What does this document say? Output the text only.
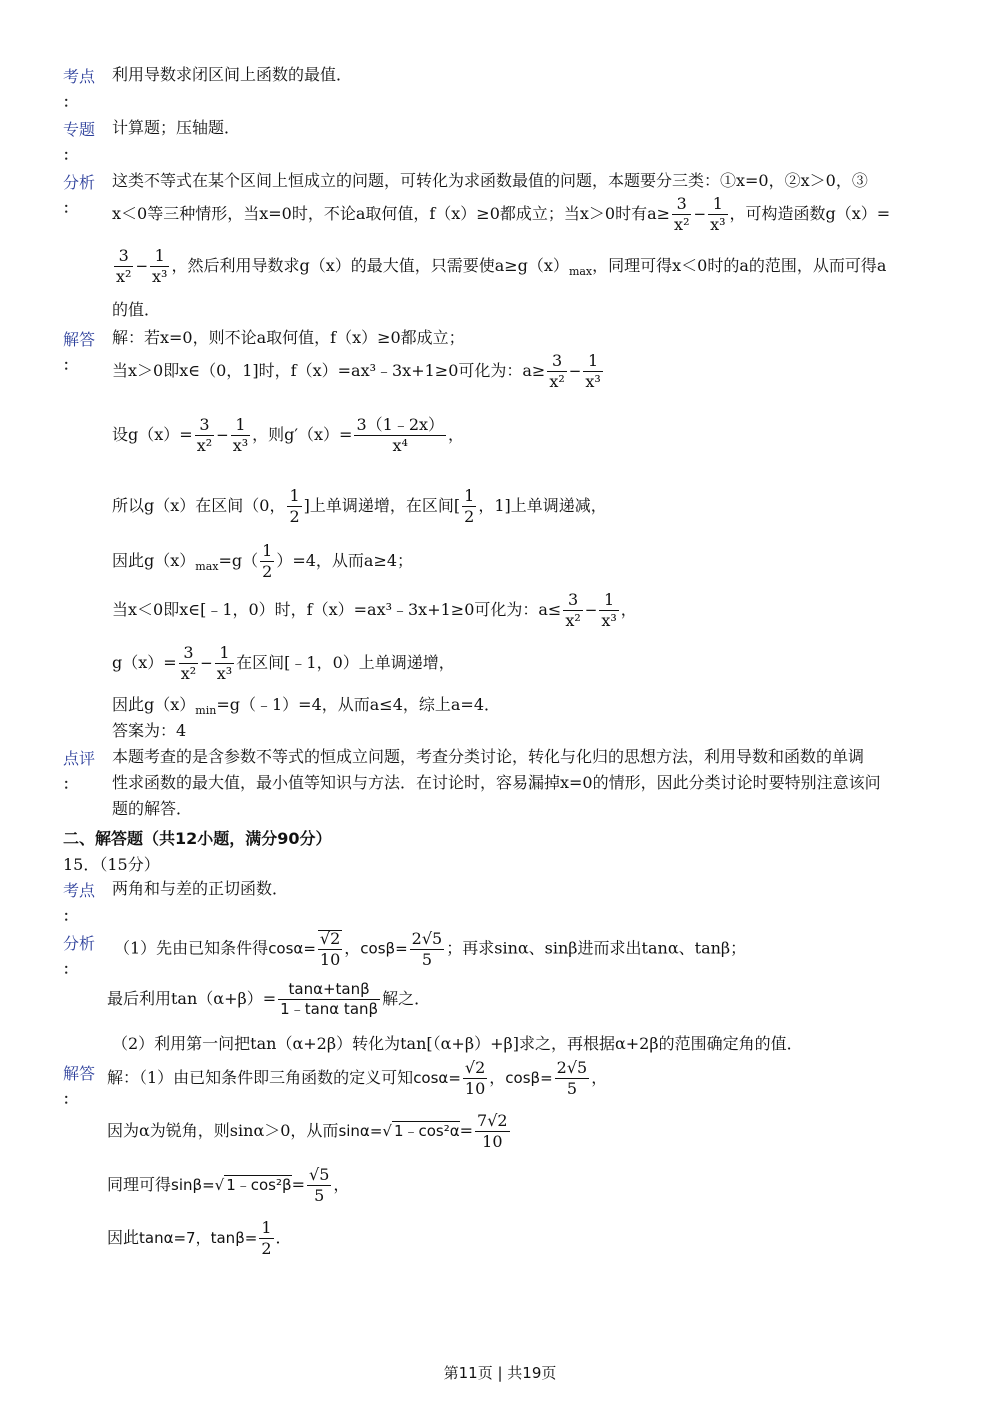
考点
：
利用导数求闭区间上函数的最值．
专题
：
计算题；压轴题．
分析
：
这类不等式在某个区间上恒成立的问题，可转化为求函数最值的问题，本题要分三类：①x=0，②x＞0，③
x＜0等三种情形，当x=0时，不论a取何值，f（x）≥0都成立；当x＞0时有$a\ge \frac{3}{\text{x²}} - \frac{1}{\text{x³}}$ ，可构造函数g（x）=
$\frac{3}{\text{x²}} - \frac{1}{\text{x³}}$ ，然后利用导数求g（x）的最大值，只需要使$a\ge g(x)_{max}$，同理可得x＜0时的a的范围，从而可得a
的值．
解答
：
解：若x=0，则不论a取何值，f（x）≥0都成立；
当x＞0即x∈（0，1]时，f（x）=ax³﹣3x+1≥0可化为：$a\ge \frac{3}{\text{x²}} - \frac{1}{\text{x³}}$
设$g(x)= \frac{3}{\text{x²}} - \frac{1}{\text{x³}}$ ，则$g'(x)= \frac{3(1﹣2x)}{\text{x⁴}}$ ，
所以g（x）在区间（0， $\frac{1}{2}$ ]上单调递增，在区间[ $\frac{1}{2}$ ，1]上单调递减，
因此$g(x)_{max}=g( \frac{1}{2} )=4$，从而a≥4；
当x＜0即x∈[﹣1，0）时，f（x）=ax³﹣3x+1≥0可化为：$a\le \frac{3}{\text{x²}} - \frac{1}{\text{x³}}$ ，
$g(x)= \frac{3}{\text{x²}} - \frac{1}{\text{x³}}$ 在区间[﹣1，0）上单调递增，
因此$g(x)_{min}=g(﹣1)=4$，从而a≤4，综上a=4．
答案为：4
点评
：
本题考查的是含参数不等式的恒成立问题，考查分类讨论，转化与化归的思想方法，利用导数和函数的单调
性求函数的最大值，最小值等知识与方法．在讨论时，容易漏掉x=0的情形，因此分类讨论时要特别注意该问
题的解答．
二、解答题（共12小题，满分90分）
15．（15分）
考点
：
两角和与差的正切函数．
分析
：
（1）先由已知条件得$\cos\alpha= \frac{√2}{10}$ ，$\cos\beta= \frac{2√5}{5}$ ；再求sinα、sinβ进而求出tanα、tanβ；
最后利用$\tan(\alpha+\beta)= \frac{\tan\alpha+\tan\beta}{\text{1﹣tanα tanβ}}$ 解之．
（2）利用第一问把tan（α+2β）转化为tan[（α+β）+β]求之，再根据α+2β的范围确定角的值．
解答
：
解：（1）由已知条件即三角函数的定义可知$\cos\alpha= \frac{√2}{10}$ ，$\cos\beta= \frac{2√5}{5}$ ，
因为α为锐角，则sinα＞0，从而sinα=√ 1﹣cos²α= $\frac{7√2}{10}$
同理可得sinβ=√ 1﹣cos²β= $\frac{√5}{5}$ ，
因此tanα=7，$\tan\beta= \frac{1}{2}$ ．
第11页 | 共19页
